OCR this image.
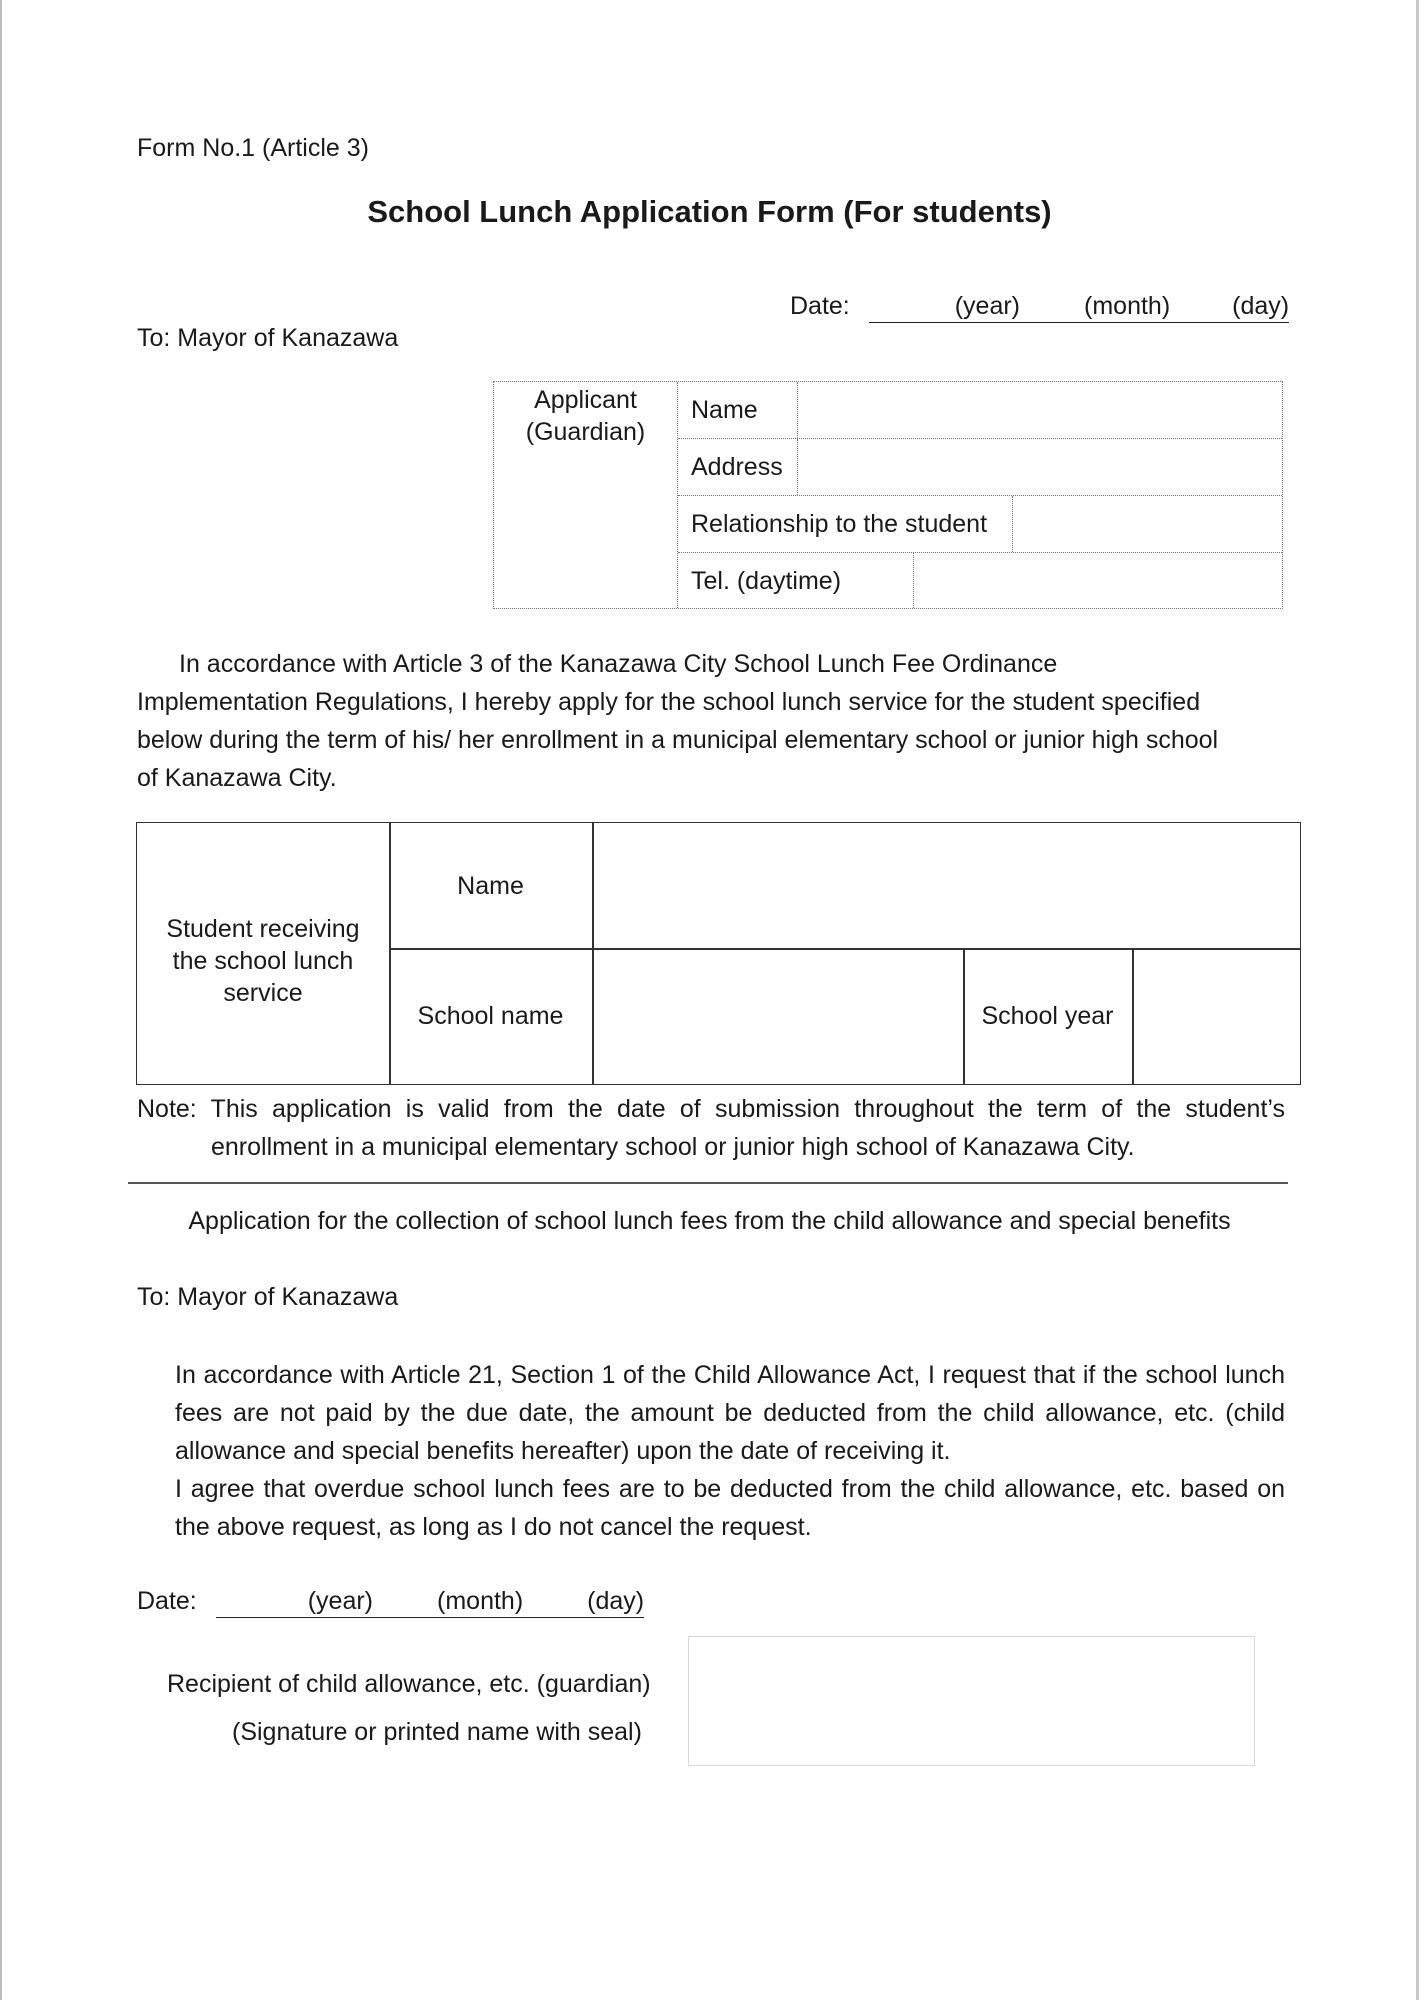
Form No.1 (Article 3)
School Lunch Application Form (For students)
Date:	(year)	(month) (day)
To: Mayor of Kanazawa
Applicant
(Guardian)
Name
Address
Relationship to the student
Tel. (daytime)
In accordance with Article 3 of the Kanazawa City School Lunch Fee Ordinance
Implementation Regulations, I hereby apply for the school lunch service for the student specified
below during the term of his/ her enrollment in a municipal elementary school or junior high school
of Kanazawa City.
Student receiving
the school lunch
service
Name
School name	School year
Note: This application is valid from the date of submission throughout the term of the student’s
enrollment in a municipal elementary school or junior high school of Kanazawa City.
Application for the collection of school lunch fees from the child allowance and special benefits
To: Mayor of Kanazawa

In accordance with Article 21, Section 1 of the Child Allowance Act, I request that if the school lunch fees are not paid by the due date, the amount be deducted from the child allowance, etc. (child allowance and special benefits hereafter) upon the date of receiving it.

I agree that overdue school lunch fees are to be deducted from the child allowance, etc. based on the above request, as long as I do not cancel the request.

Date:	(year)	(month)	(day)
Recipient of child allowance, etc. (guardian)
(Signature or printed name with seal)
